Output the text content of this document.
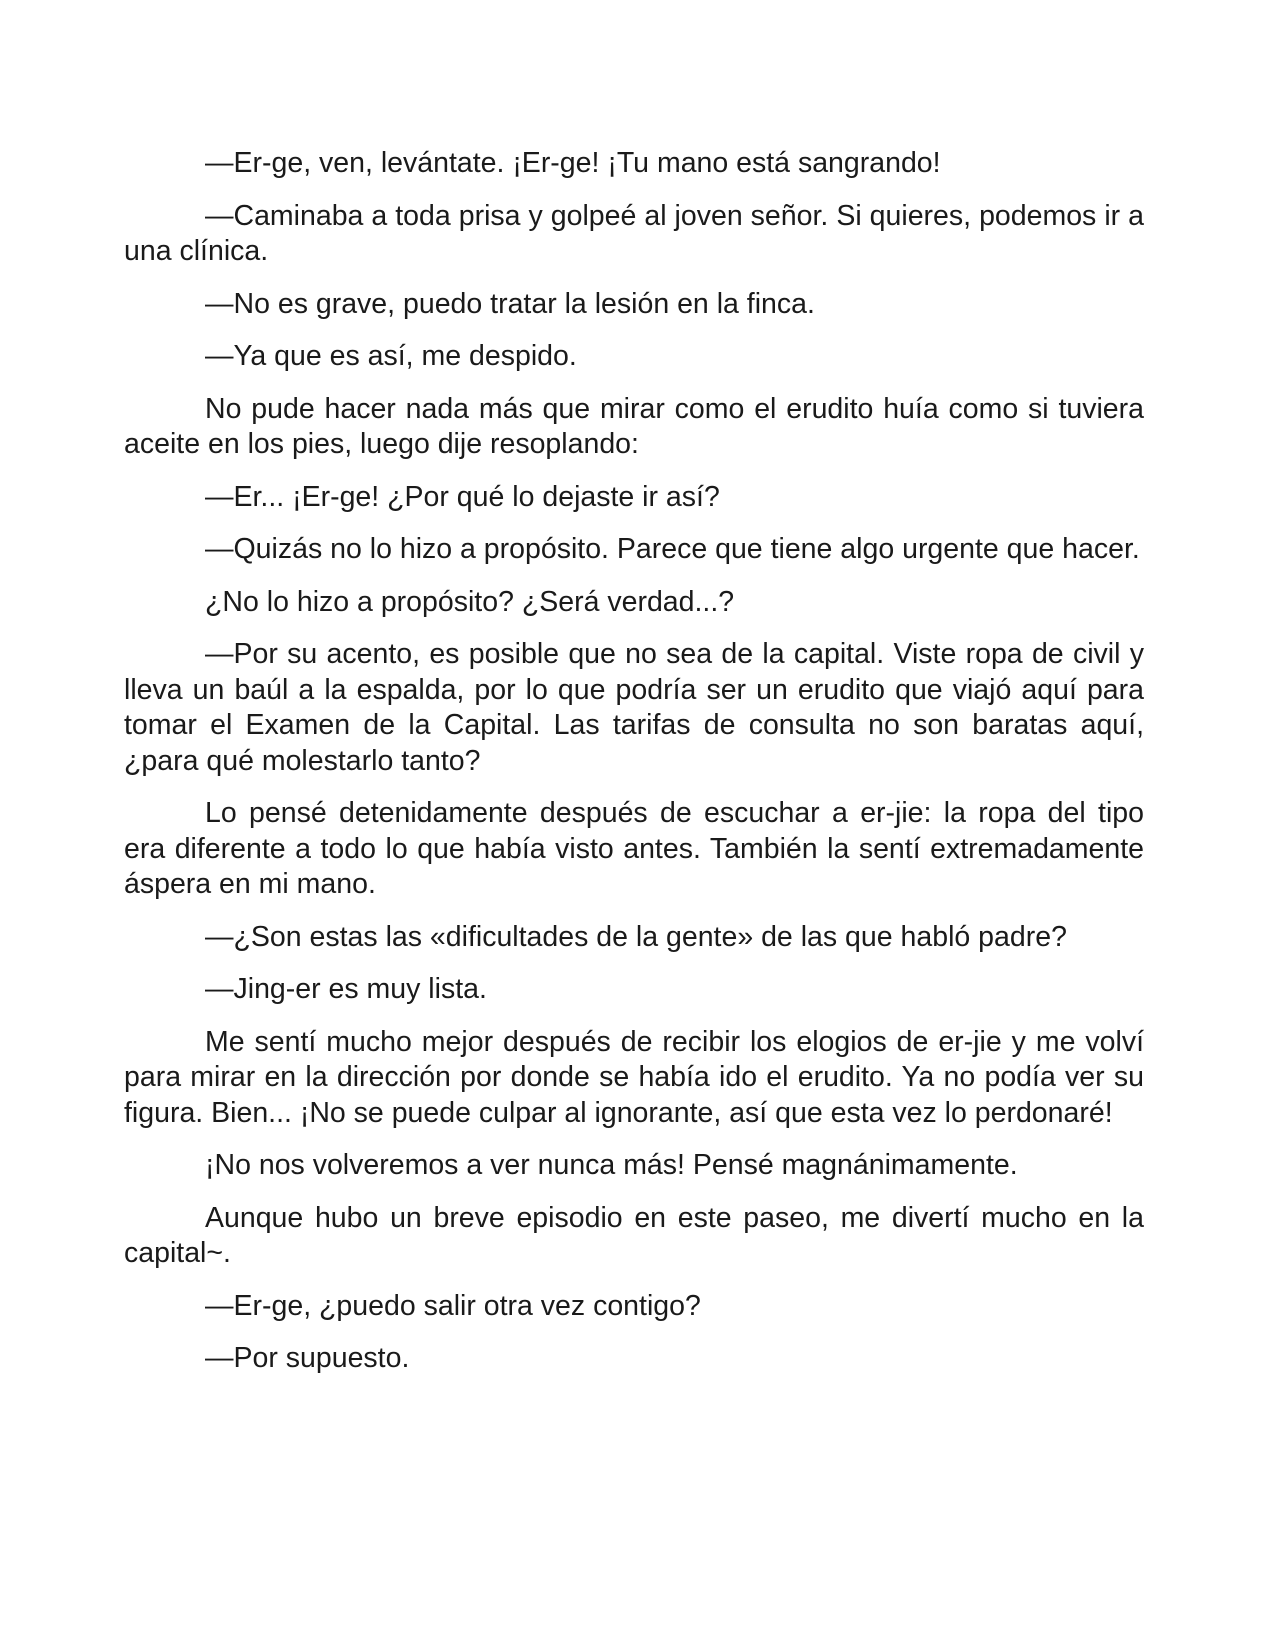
—Er-ge, ven, levántate. ¡Er-ge! ¡Tu mano está sangrando!

—Caminaba a toda prisa y golpeé al joven señor. Si quieres, podemos ir a una clínica.

—No es grave, puedo tratar la lesión en la finca.

—Ya que es así, me despido.

No pude hacer nada más que mirar como el erudito huía como si tuviera aceite en los pies, luego dije resoplando:

—Er... ¡Er-ge! ¿Por qué lo dejaste ir así?

—Quizás no lo hizo a propósito. Parece que tiene algo urgente que hacer.

¿No lo hizo a propósito? ¿Será verdad...?

—Por su acento, es posible que no sea de la capital. Viste ropa de civil y lleva un baúl a la espalda, por lo que podría ser un erudito que viajó aquí para tomar el Examen de la Capital. Las tarifas de consulta no son baratas aquí, ¿para qué molestarlo tanto?

Lo pensé detenidamente después de escuchar a er-jie: la ropa del tipo era diferente a todo lo que había visto antes. También la sentí extremadamente áspera en mi mano.

—¿Son estas las «dificultades de la gente» de las que habló padre?

—Jing-er es muy lista.

Me sentí mucho mejor después de recibir los elogios de er-jie y me volví para mirar en la dirección por donde se había ido el erudito. Ya no podía ver su figura. Bien... ¡No se puede culpar al ignorante, así que esta vez lo perdonaré!

¡No nos volveremos a ver nunca más! Pensé magnánimamente.

Aunque hubo un breve episodio en este paseo, me divertí mucho en la capital~.

—Er-ge, ¿puedo salir otra vez contigo?

—Por supuesto.
